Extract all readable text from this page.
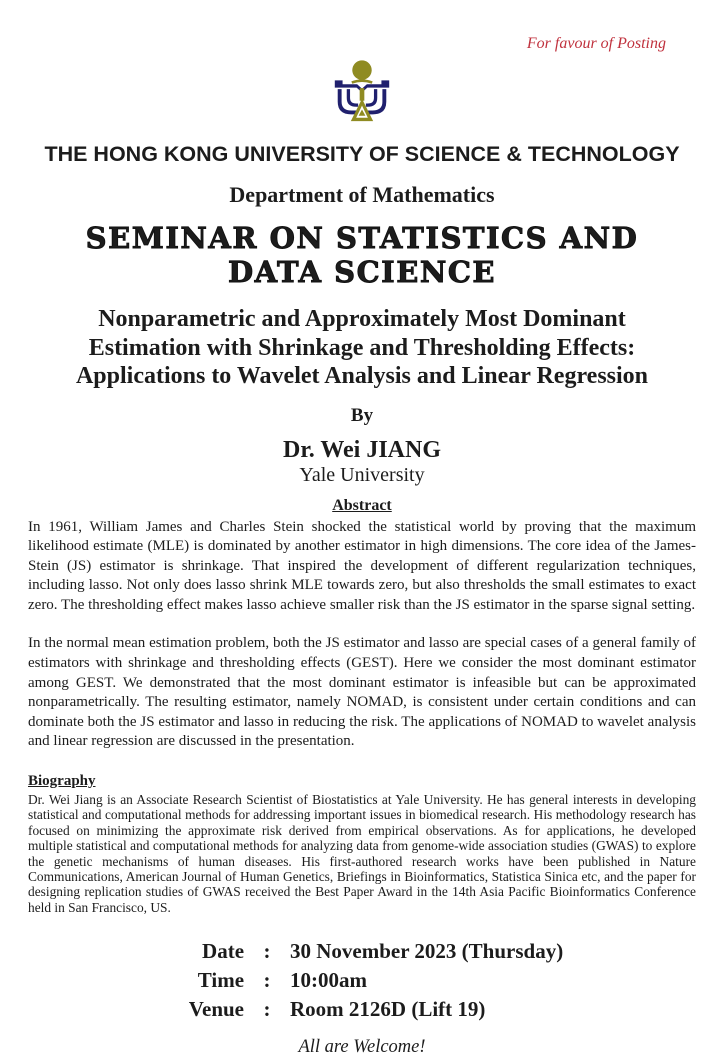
For favour of Posting
THE HONG KONG UNIVERSITY OF SCIENCE & TECHNOLOGY
Department of Mathematics
SEMINAR ON STATISTICS AND
DATA SCIENCE
Nonparametric and Approximately Most Dominant
Estimation with Shrinkage and Thresholding Effects:
Applications to Wavelet Analysis and Linear Regression
By
Dr. Wei JIANG
Yale University
Abstract

In 1961, William James and Charles Stein shocked the statistical world by proving that the maximum likelihood estimate (MLE) is dominated by another estimator in high dimensions. The core idea of the James-Stein (JS) estimator is shrinkage. That inspired the development of different regularization techniques, including lasso. Not only does lasso shrink MLE towards zero, but also thresholds the small estimates to exact zero. The thresholding effect makes lasso achieve smaller risk than the JS estimator in the sparse signal setting.

In the normal mean estimation problem, both the JS estimator and lasso are special cases of a general family of estimators with shrinkage and thresholding effects (GEST). Here we consider the most dominant estimator among GEST. We demonstrated that the most dominant estimator is infeasible but can be approximated nonparametrically. The resulting estimator, namely NOMAD, is consistent under certain conditions and can dominate both the JS estimator and lasso in reducing the risk. The applications of NOMAD to wavelet analysis and linear regression are discussed in the presentation.

Biography
Dr. Wei Jiang is an Associate Research Scientist of Biostatistics at Yale University. He has general interests in developing statistical and computational methods for addressing important issues in biomedical research. His methodology research has focused on minimizing the approximate risk derived from empirical observations. As for applications, he developed multiple statistical and computational methods for analyzing data from genome-wide association studies (GWAS) to explore the genetic mechanisms of human diseases. His first-authored research works have been published in Nature Communications, American Journal of Human Genetics, Briefings in Bioinformatics, Statistica Sinica etc, and the paper for designing replication studies of GWAS received the Best Paper Award in the 14th Asia Pacific Bioinformatics Conference held in San Francisco, US.
Date : 30 November 2023 (Thursday)
Time : 10:00am
Venue : Room 2126D (Lift 19)
All are Welcome!
